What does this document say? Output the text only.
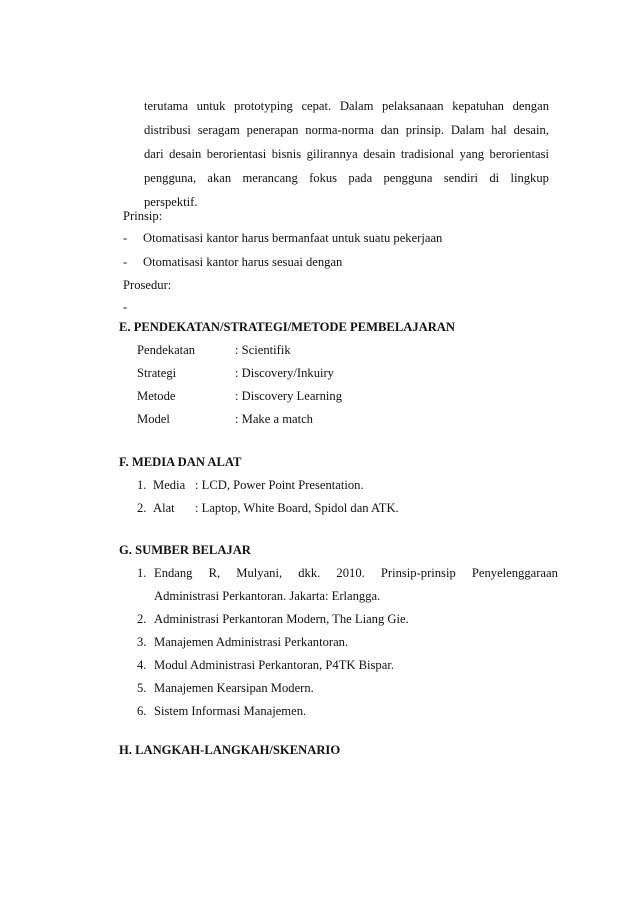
terutama untuk prototyping cepat. Dalam pelaksanaan kepatuhan dengan
distribusi seragam penerapan norma-norma dan prinsip. Dalam hal desain,
dari desain berorientasi bisnis gilirannya desain tradisional yang berorientasi
pengguna, akan merancang fokus pada pengguna sendiri di lingkup
perspektif.
Prinsip:
- Otomatisasi kantor harus bermanfaat untuk suatu pekerjaan
- Otomatisasi kantor harus sesuai dengan
Prosedur:
-
E. PENDEKATAN/STRATEGI/METODE PEMBELAJARAN
Pendekatan	: Scientifik
Strategi	: Discovery/Inkuiry
Metode	: Discovery Learning
Model	: Make a match
F. MEDIA DAN ALAT
1. Media : LCD, Power Point Presentation.
2. Alat : Laptop, White Board, Spidol dan ATK.
G. SUMBER BELAJAR
1. Endang R, Mulyani, dkk. 2010. Prinsip-prinsip Penyelenggaraan
Administrasi Perkantoran. Jakarta: Erlangga.
2. Administrasi Perkantoran Modern, The Liang Gie.
3. Manajemen Administrasi Perkantoran.
4. Modul Administrasi Perkantoran, P4TK Bispar.
5. Manajemen Kearsipan Modern.
6. Sistem Informasi Manajemen.
H. LANGKAH-LANGKAH/SKENARIO
